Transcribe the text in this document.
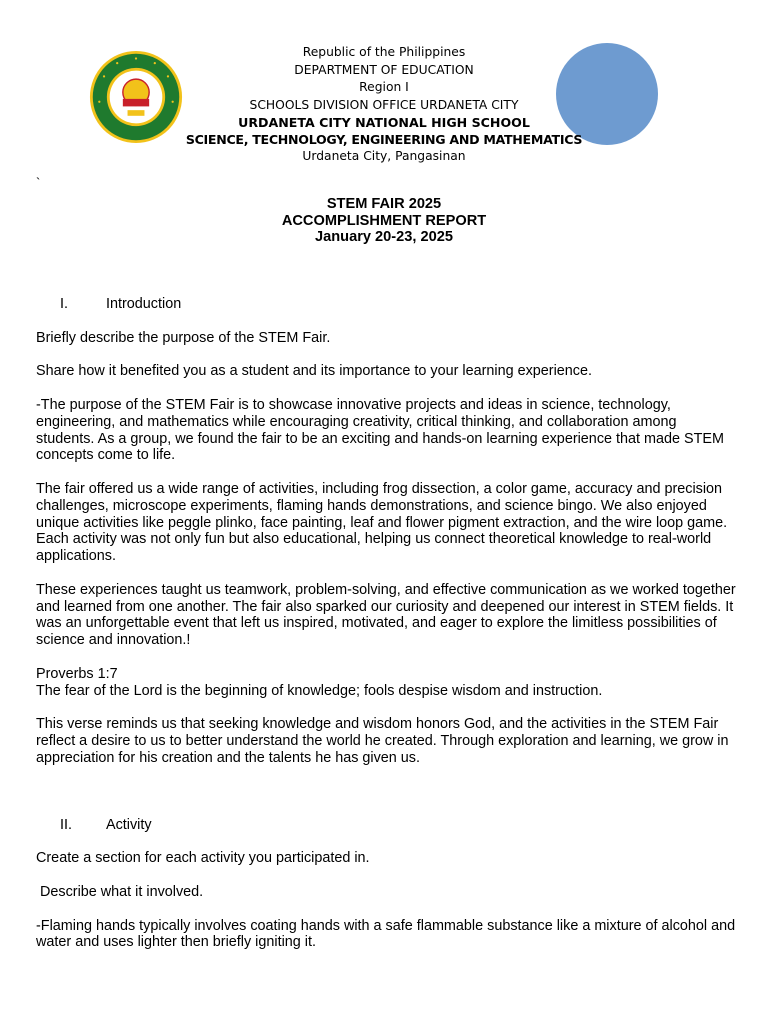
Republic of the Philippines
DEPARTMENT OF EDUCATION
Region I
SCHOOLS DIVISION OFFICE URDANETA CITY
URDANETA CITY NATIONAL HIGH SCHOOL
SCIENCE, TECHNOLOGY, ENGINEERING AND MATHEMATICS
Urdaneta City, Pangasinan
`
STEM FAIR 2025
ACCOMPLISHMENT REPORT
January 20-23, 2025
I.	Introduction

Briefly describe the purpose of the STEM Fair.

Share how it benefited you as a student and its importance to your learning experience.

-The purpose of the STEM Fair is to showcase innovative projects and ideas in science, technology, engineering, and mathematics while encouraging creativity, critical thinking, and collaboration among students. As a group, we found the fair to be an exciting and hands-on learning experience that made STEM concepts come to life.

The fair offered us a wide range of activities, including frog dissection, a color game, accuracy and precision challenges, microscope experiments, flaming hands demonstrations, and science bingo. We also enjoyed unique activities like peggle plinko, face painting, leaf and flower pigment extraction, and the wire loop game. Each activity was not only fun but also educational, helping us connect theoretical knowledge to real-world applications.

These experiences taught us teamwork, problem-solving, and effective communication as we worked together and learned from one another. The fair also sparked our curiosity and deepened our interest in STEM fields. It was an unforgettable event that left us inspired, motivated, and eager to explore the limitless possibilities of science and innovation.!

Proverbs 1:7

The fear of the Lord is the beginning of knowledge; fools despise wisdom and instruction.

This verse reminds us that seeking knowledge and wisdom honors God, and the activities in the STEM Fair reflect a desire to us to better understand the world he created. Through exploration and learning, we grow in appreciation for his creation and the talents he has given us.

II. Activity

Create a section for each activity you participated in.

Describe what it involved.

-Flaming hands typically involves coating hands with a safe flammable substance like a mixture of alcohol and water and uses lighter then briefly igniting it.
